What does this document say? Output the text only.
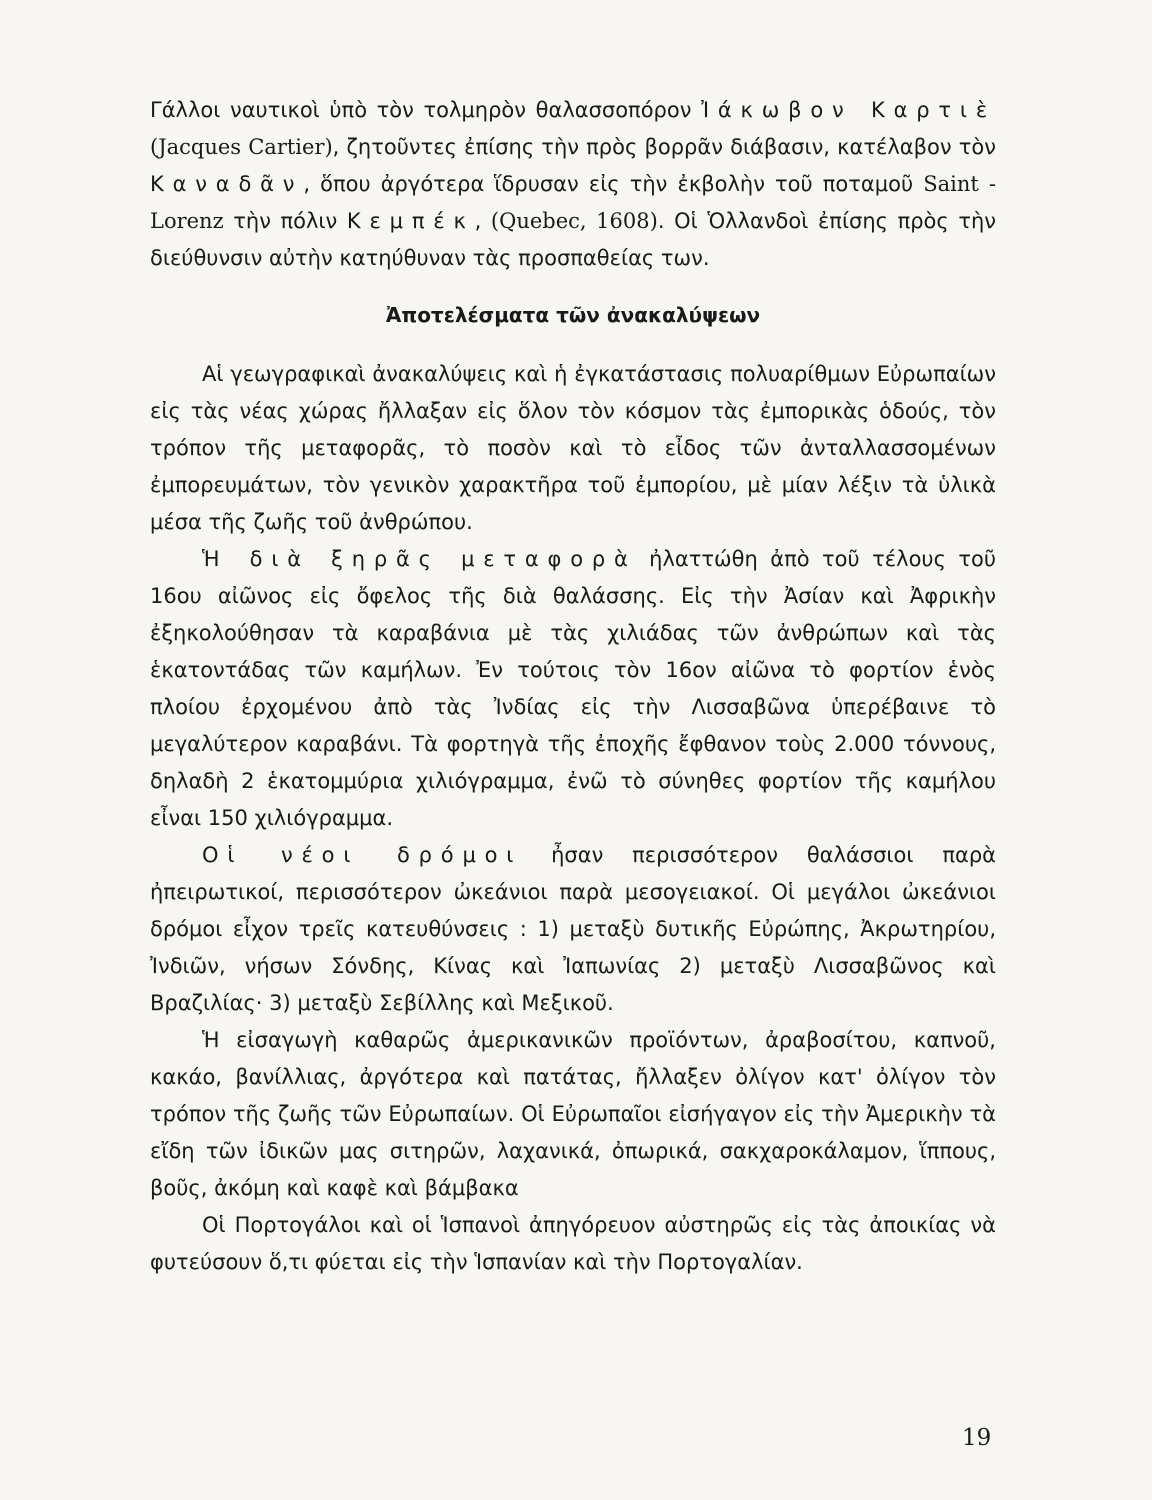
Γάλλοι ναυτικοὶ ὑπὸ τὸν τολμηρὸν θαλασσοπόρον Ἰάκωβον Καρτιὲ (Jacques Cartier), ζητοῦντες ἐπίσης τὴν πρὸς βορρᾶν διάβασιν, κατέλαβον τὸν Καναδᾶν, ὅπου ἀργότερα ἵδρυσαν εἰς τὴν ἐκβολὴν τοῦ ποταμοῦ Saint - Lorenz τὴν πόλιν Κεμπέκ, (Quebec, 1608). Οἱ Ὁλλανδοὶ ἐπίσης πρὸς τὴν διεύθυνσιν αὐτὴν κατηύθυναν τὰς προσπαθείας των.

Ἀποτελέσματα τῶν ἀνακαλύψεων

Αἱ γεωγραφικαὶ ἀνακαλύψεις καὶ ἡ ἐγκατάστασις πολυαρίθμων Εὐρωπαίων εἰς τὰς νέας χώρας ἤλλαξαν εἰς ὅλον τὸν κόσμον τὰς ἐμπορικὰς ὁδούς, τὸν τρόπον τῆς μεταφορᾶς, τὸ ποσὸν καὶ τὸ εἶδος τῶν ἀνταλλασσομένων ἐμπορευμάτων, τὸν γενικὸν χαρακτῆρα τοῦ ἐμπορίου, μὲ μίαν λέξιν τὰ ὑλικὰ μέσα τῆς ζωῆς τοῦ ἀνθρώπου.

Ἡ διὰ ξηρᾶς μεταφορὰ ἠλαττώθη ἀπὸ τοῦ τέλους τοῦ 16ου αἰῶνος εἰς ὄφελος τῆς διὰ θαλάσσης. Εἰς τὴν Ἀσίαν καὶ Ἀφρικὴν ἐξηκολούθησαν τὰ καραβάνια μὲ τὰς χιλιάδας τῶν ἀνθρώπων καὶ τὰς ἑκατοντάδας τῶν καμήλων. Ἐν τούτοις τὸν 16ον αἰῶνα τὸ φορτίον ἑνὸς πλοίου ἐρχομένου ἀπὸ τὰς Ἰνδίας εἰς τὴν Λισσαβῶνα ὑπερέβαινε τὸ μεγαλύτερον καραβάνι. Τὰ φορτηγὰ τῆς ἐποχῆς ἔφθανον τοὺς 2.000 τόννους, δηλαδὴ 2 ἑκατομμύρια χιλιόγραμμα, ἐνῶ τὸ σύνηθες φορτίον τῆς καμήλου εἶναι 150 χιλιόγραμμα.

Οἱ νέοι δρόμοι ἦσαν περισσότερον θαλάσσιοι παρὰ ἠπειρωτικοί, περισσότερον ὠκεάνιοι παρὰ μεσογειακοί. Οἱ μεγάλοι ὠκεάνιοι δρόμοι εἶχον τρεῖς κατευθύνσεις : 1) μεταξὺ δυτικῆς Εὐρώπης, Ἀκρωτηρίου, Ἰνδιῶν, νήσων Σόνδης, Κίνας καὶ Ἰαπωνίας 2) μεταξὺ Λισσαβῶνος καὶ Βραζιλίας· 3) μεταξὺ Σεβίλλης καὶ Μεξικοῦ.

Ἡ εἰσαγωγὴ καθαρῶς ἀμερικανικῶν προϊόντων, ἀραβοσίτου, καπνοῦ, κακάο, βανίλλιας, ἀργότερα καὶ πατάτας, ἤλλαξεν ὀλίγον κατ' ὀλίγον τὸν τρόπον τῆς ζωῆς τῶν Εὐρωπαίων. Οἱ Εὐρωπαῖοι εἰσήγαγον εἰς τὴν Ἀμερικὴν τὰ εἴδη τῶν ἰδικῶν μας σιτηρῶν, λαχανικά, ὀπωρικά, σακχαροκάλαμον, ἵππους, βοῦς, ἀκόμη καὶ καφὲ καὶ βάμβακα

Οἱ Πορτογάλοι καὶ οἱ Ἱσπανοὶ ἀπηγόρευον αὐστηρῶς εἰς τὰς ἀποικίας νὰ φυτεύσουν ὅ,τι φύεται εἰς τὴν Ἱσπανίαν καὶ τὴν Πορτογαλίαν.

19
